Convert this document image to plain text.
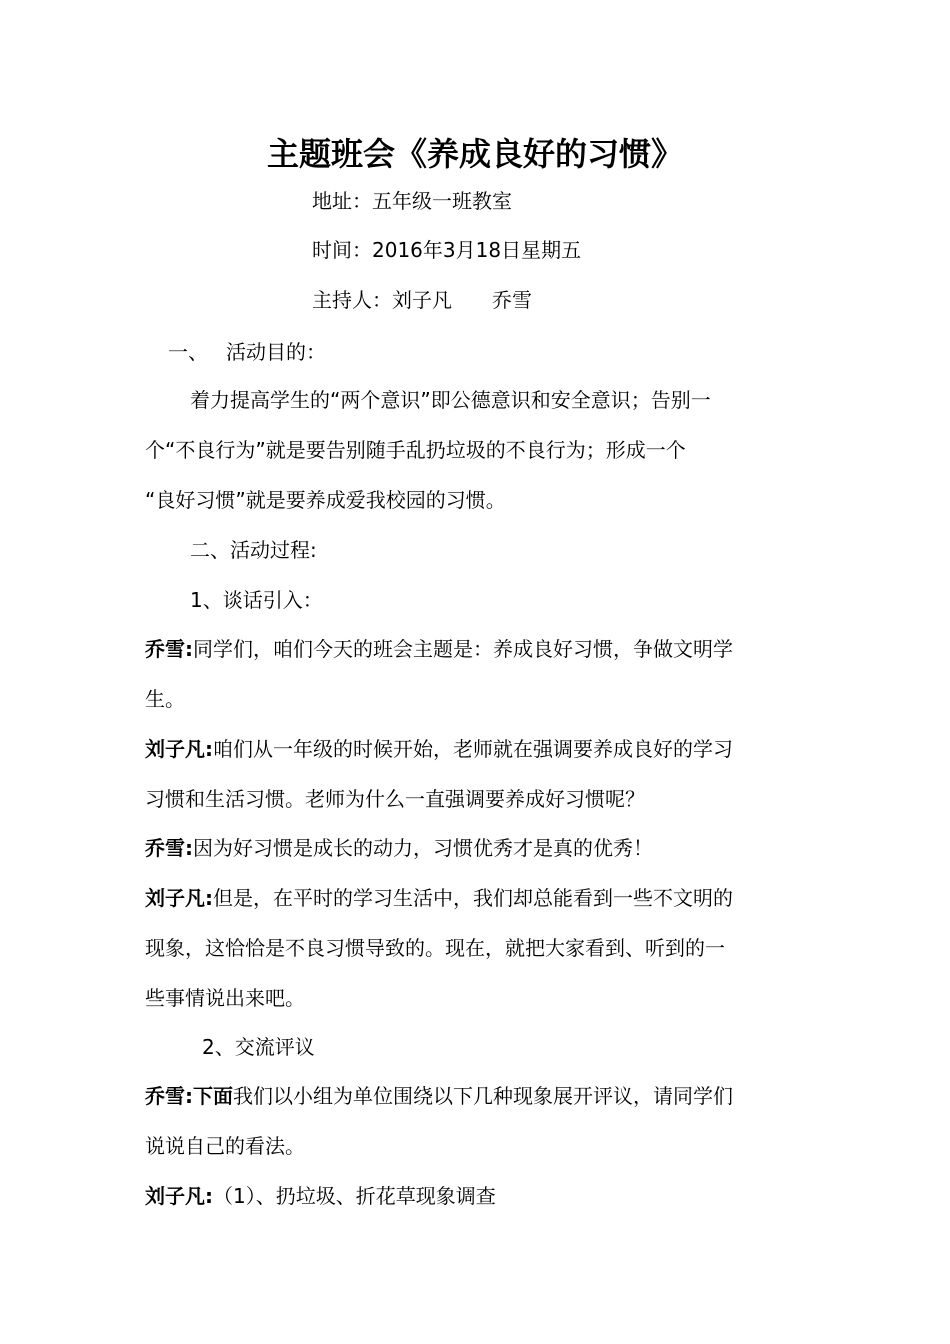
主题班会《养成良好的习惯》
地址：五年级一班教室
时间：2016年3月18日星期五
主持人：刘子凡 乔雪
一、 活动目的：
着力提高学生的“两个意识”即公德意识和安全意识；告别一
个“不良行为”就是要告别随手乱扔垃圾的不良行为；形成一个
“良好习惯”就是要养成爱我校园的习惯。
二、活动过程:
1、谈话引入：
乔雪:同学们，咱们今天的班会主题是：养成良好习惯，争做文明学
生。
刘子凡:咱们从一年级的时候开始，老师就在强调要养成良好的学习
习惯和生活习惯。老师为什么一直强调要养成好习惯呢？
乔雪:因为好习惯是成长的动力，习惯优秀才是真的优秀！
刘子凡:但是，在平时的学习生活中，我们却总能看到一些不文明的
现象，这恰恰是不良习惯导致的。现在，就把大家看到、听到的一
些事情说出来吧。
2、交流评议
乔雪:下面我们以小组为单位围绕以下几种现象展开评议，请同学们
说说自己的看法。
刘子凡:（1）、扔垃圾、折花草现象调查
